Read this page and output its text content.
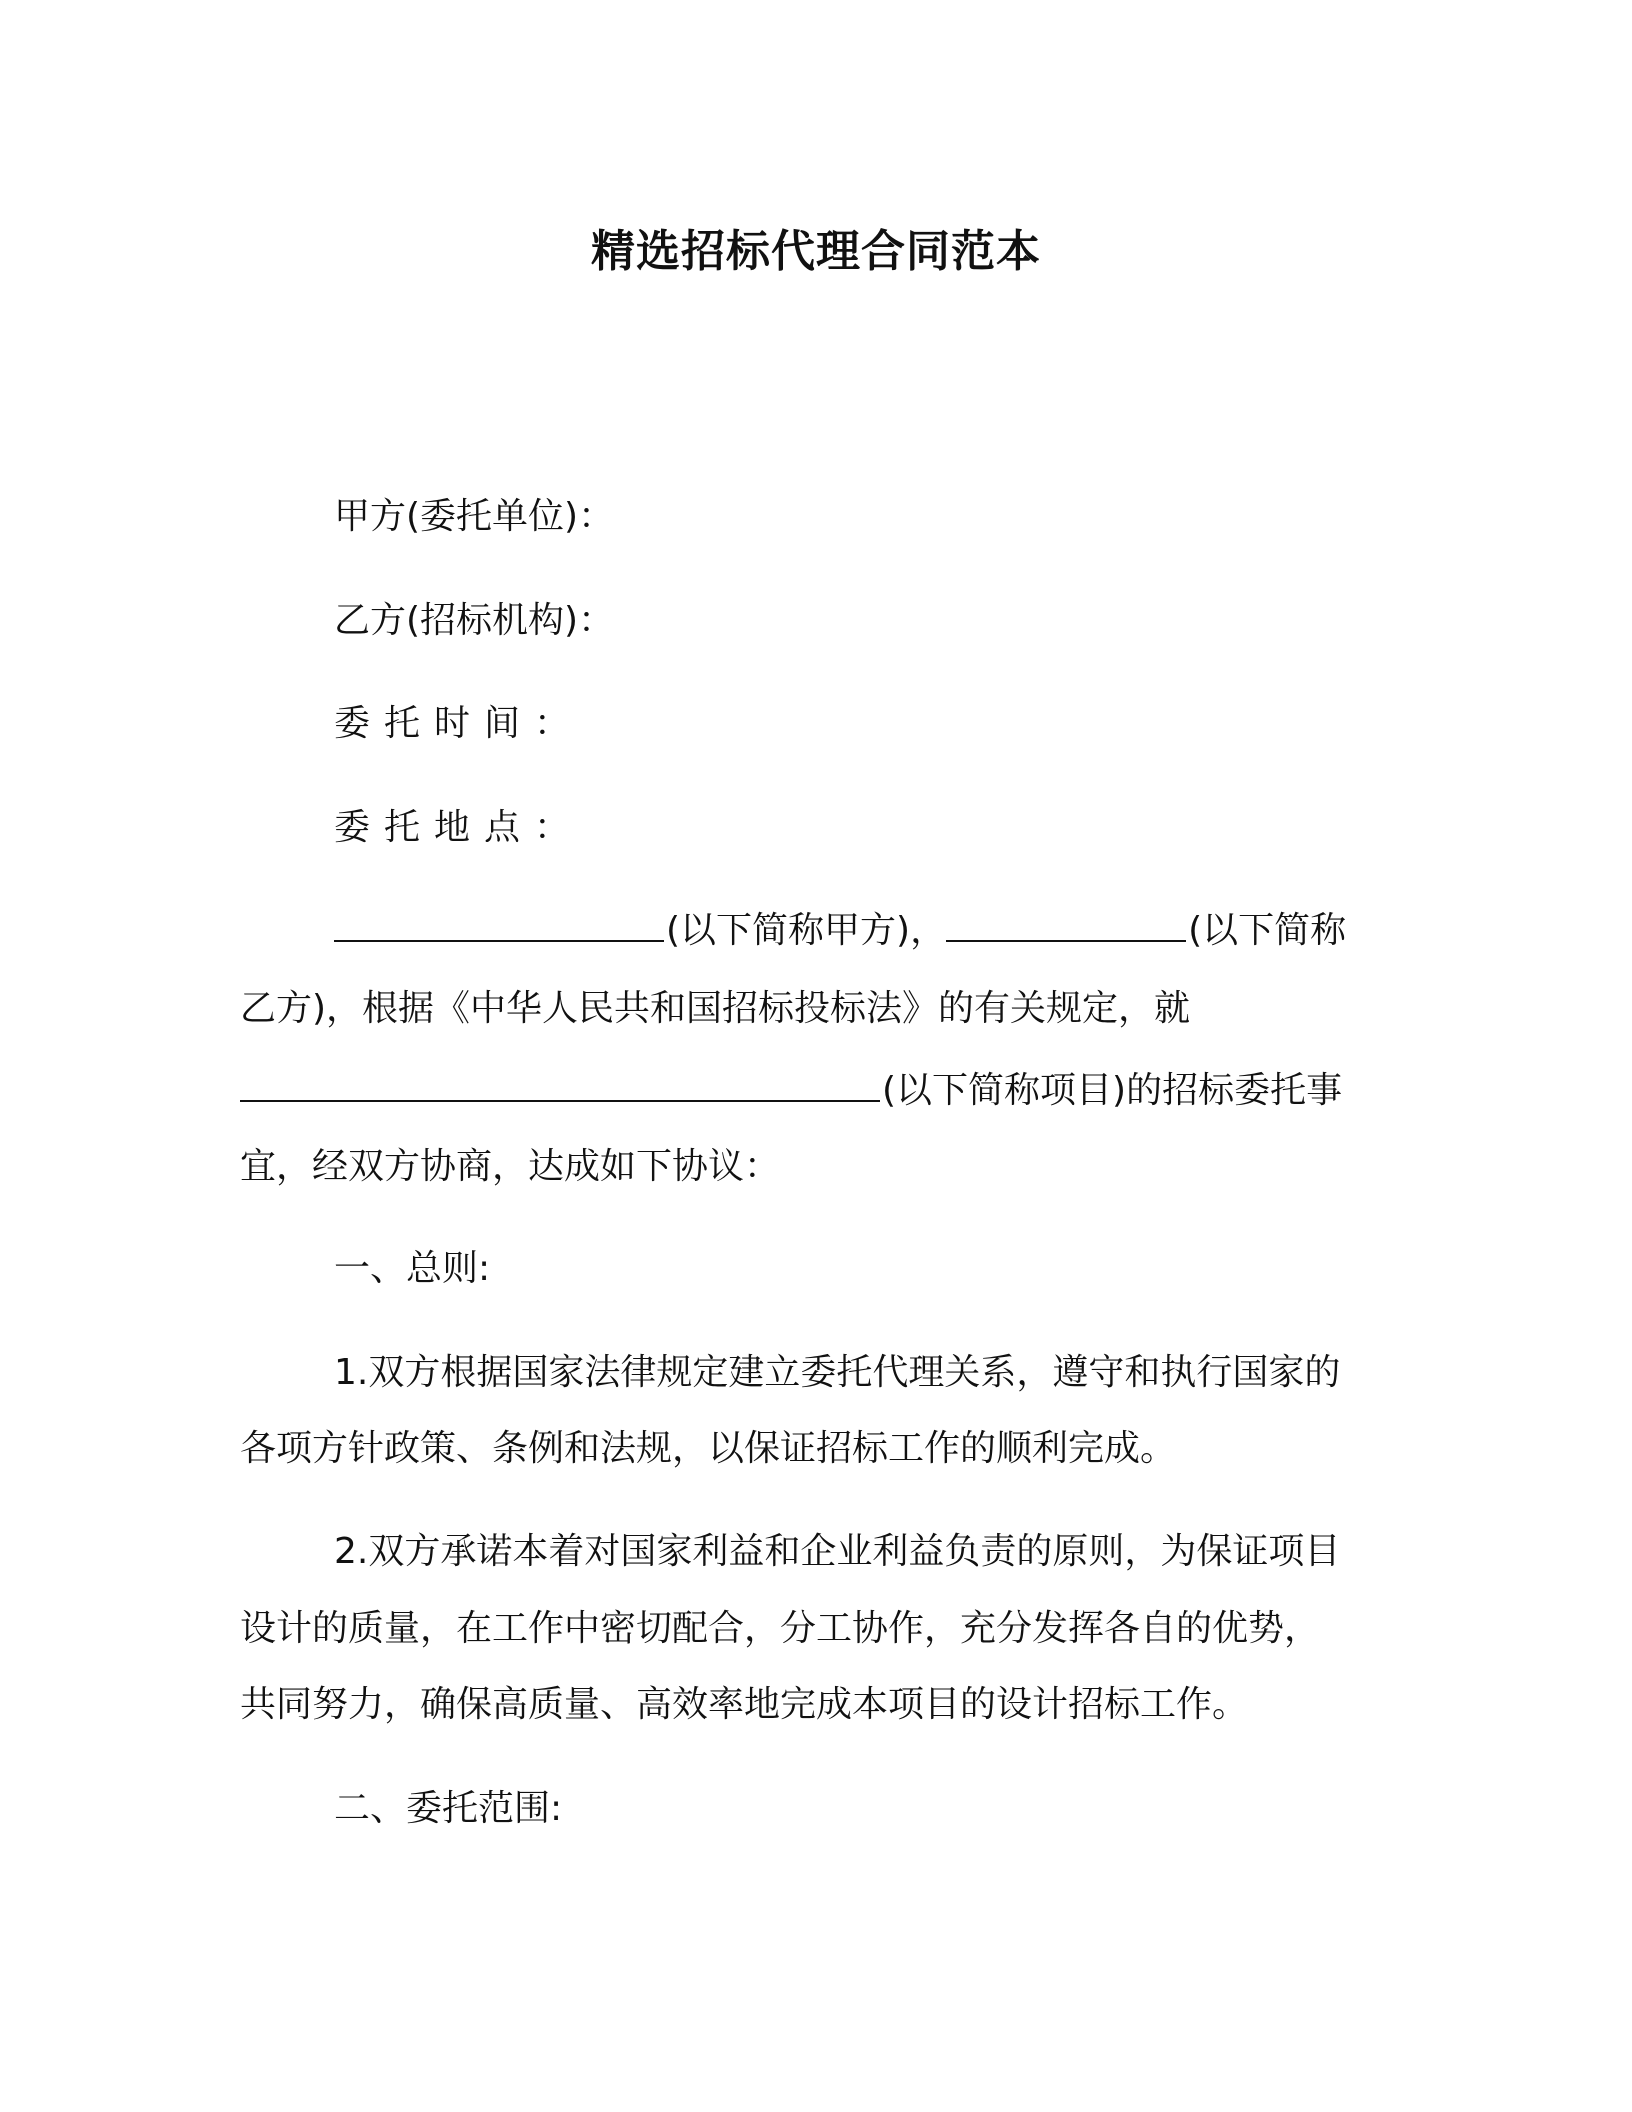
精选招标代理合同范本
甲方(委托单位)：
乙方(招标机构)：
委托时间：
委托地点：
(以下简称甲方)，	(以下简称
乙方)，根据《中华人民共和国招标投标法》的有关规定，就
(以下简称项目)的招标委托事
宜，经双方协商，达成如下协议：
一、总则:
1.双方根据国家法律规定建立委托代理关系，遵守和执行国家的
各项方针政策、条例和法规，以保证招标工作的顺利完成。
2.双方承诺本着对国家利益和企业利益负责的原则，为保证项目
设计的质量，在工作中密切配合，分工协作，充分发挥各自的优势，
共同努力，确保高质量、高效率地完成本项目的设计招标工作。
二、委托范围:
